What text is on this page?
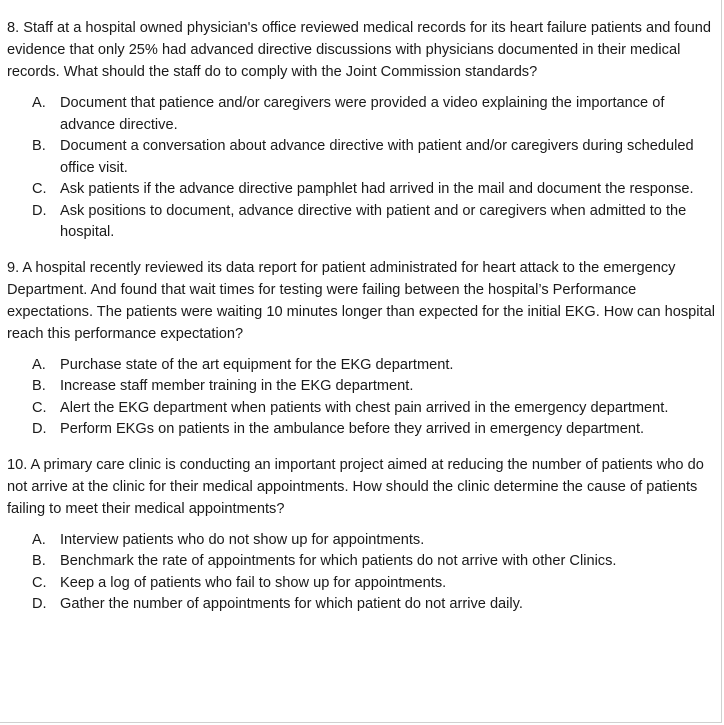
8. Staff at a hospital owned physician's office reviewed medical records for its heart failure patients and found evidence that only 25% had advanced directive discussions with physicians documented in their medical records. What should the staff do to comply with the Joint Commission standards?

A. Document that patience and/or caregivers were provided a video explaining the importance of advance directive.
B. Document a conversation about advance directive with patient and/or caregivers during scheduled office visit.
C. Ask patients if the advance directive pamphlet had arrived in the mail and document the response.
D. Ask positions to document, advance directive with patient and or caregivers when admitted to the hospital.

9. A hospital recently reviewed its data report for patient administrated for heart attack to the emergency Department. And found that wait times for testing were failing between the hospital’s Performance expectations. The patients were waiting 10 minutes longer than expected for the initial EKG. How can hospital reach this performance expectation?

A. Purchase state of the art equipment for the EKG department.
B. Increase staff member training in the EKG department.
C. Alert the EKG department when patients with chest pain arrived in the emergency department.
D. Perform EKGs on patients in the ambulance before they arrived in emergency department.

10. A primary care clinic is conducting an important project aimed at reducing the number of patients who do not arrive at the clinic for their medical appointments. How should the clinic determine the cause of patients failing to meet their medical appointments?

A. Interview patients who do not show up for appointments.
B. Benchmark the rate of appointments for which patients do not arrive with other Clinics.
C. Keep a log of patients who fail to show up for appointments.
D. Gather the number of appointments for which patient do not arrive daily.
